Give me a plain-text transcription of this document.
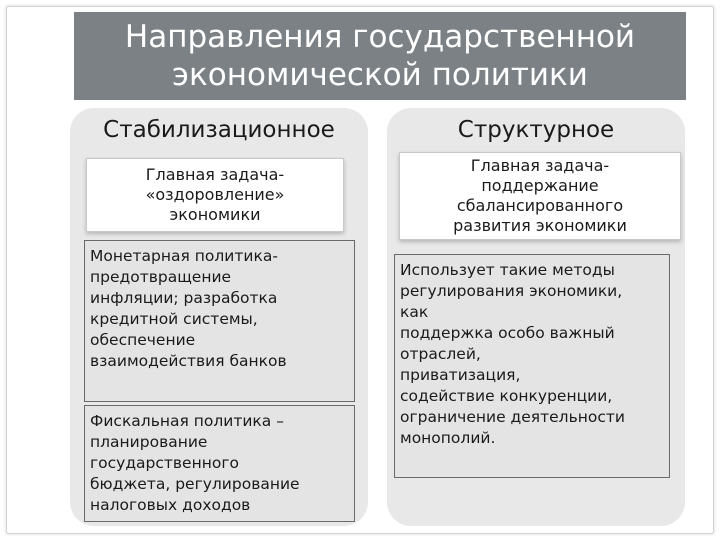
Направления государственной
экономической политики
Стабилизационное	Структурное
Главная задача-
«оздоровление»
экономики
Главная задача-
поддержание
сбалансированного
развития экономики
Монетарная политика-
предотвращение
инфляции; разработка
кредитной системы,
обеспечение
взаимодействия банков
Фискальная политика –
планирование
государственного
бюджета, регулирование
налоговых доходов
Использует такие методы
регулирования экономики,
как
поддержка особо важный
отраслей,
приватизация,
содействие конкуренции,
ограничение деятельности
монополий.
